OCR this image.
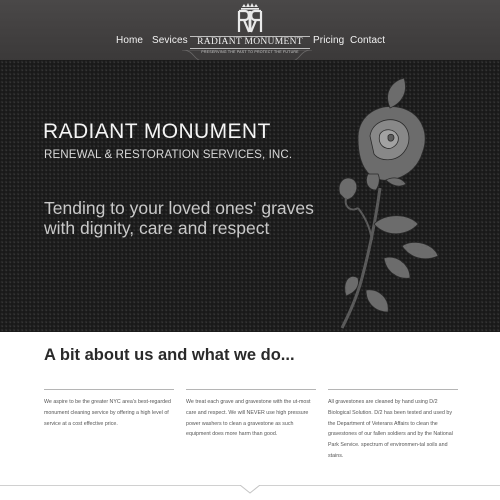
Home Sevices	Pricing Contact
RADIANT MONUMENT
PRESERVING THE PAST TO PROTECT THE FUTURE
RADIANT MONUMENT
RENEWAL & RESTORATION SERVICES, INC.
Tending to your loved ones' graves with dignity, care and respect
A bit about us and what we do...
We aspire to be the greater NYC area's best-regarded monument cleaning service by offering a high level of service at a cost effective price.
We treat each grave and gravestone with the ut-most care and respect. We will NEVER use high pressure power washers to clean a gravestone as such equipment does more harm than good.
All gravestones are cleaned by hand using D/2 Biological Solution. D/2 has been tested and used by the Department of Veterans Affairs to clean the gravestones of our fallen soldiers and by the National Park Service. spectrum of environmen-tal soils and stains.
